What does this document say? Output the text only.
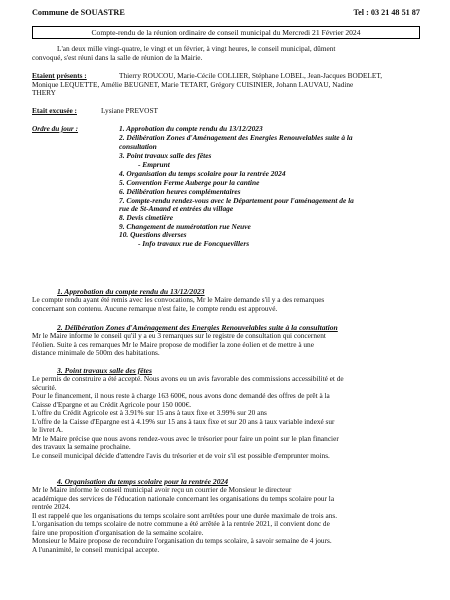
Commune de SOUASTRE	Tel : 03 21 48 51 87
Compte-rendu de la réunion ordinaire de conseil municipal du Mercredi 21 Février 2024
L'an deux mille vingt-quatre, le vingt et un février, à vingt heures, le conseil municipal, dûment
convoqué, s'est réuni dans la salle de réunion de la Mairie.
Etaient présents :	Thierry ROUCOU, Marie-Cécile COLLIER, Stéphane LOBEL, Jean-Jacques BODELET,
Monique LEQUETTE, Amélie BEUGNET, Marie TETART, Grégory CUISINIER, Johann LAUVAU, Nadine
THERY
Etait excusée :	Lysiane PREVOST
Ordre du jour :	1. Approbation du compte rendu du 13/12/2023
2. Délibération Zones d'Aménagement des Energies Renouvelables suite à la
consultation
3. Point travaux salle des fêtes
- Emprunt
4. Organisation du temps scolaire pour la rentrée 2024
5. Convention Ferme Auberge pour la cantine
6. Délibération heures complémentaires
7. Compte-rendu rendez-vous avec le Département pour l'aménagement de la
rue de St-Amand et entrées du village
8. Devis cimetière
9. Changement de numérotation rue Neuve
10. Questions diverses
- Info travaux rue de Foncquevillers
1. Approbation du compte rendu du 13/12/2023
Le compte rendu ayant été remis avec les convocations, Mr le Maire demande s'il y a des remarques
concernant son contenu. Aucune remarque n'est faite, le compte rendu est approuvé.
2. Délibération Zones d'Aménagement des Energies Renouvelables suite à la consultation
Mr le Maire informe le conseil qu'il y a eu 3 remarques sur le registre de consultation qui concernent
l'éolien. Suite à ces remarques Mr le Maire propose de modifier la zone éolien et de mettre à une
distance minimale de 500m des habitations.
3. Point travaux salle des fêtes
Le permis de construire a été accepté. Nous avons eu un avis favorable des commissions accessibilité et de
sécurité.
Pour le financement, il nous reste à charge 163 600€, nous avons donc demandé des offres de prêt à la
Caisse d'Epargne et au Crédit Agricole pour 150 000€.
L'offre du Crédit Agricole est à 3.91% sur 15 ans à taux fixe et 3.99% sur 20 ans
L'offre de la Caisse d'Epargne est à 4.19% sur 15 ans à taux fixe et sur 20 ans à taux variable indexé sur
le livret A.
Mr le Maire précise que nous avons rendez-vous avec le trésorier pour faire un point sur le plan financier
des travaux la semaine prochaine.
Le conseil municipal décide d'attendre l'avis du trésorier et de voir s'il est possible d'emprunter moins.
4. Organisation du temps scolaire pour la rentrée 2024
Mr le Maire informe le conseil municipal avoir reçu un courrier de Monsieur le directeur
académique des services de l'éducation nationale concernant les organisations du temps scolaire pour la
rentrée 2024.
Il est rappelé que les organisations du temps scolaire sont arrêtées pour une durée maximale de trois ans.
L'organisation du temps scolaire de notre commune a été arrêtée à la rentrée 2021, il convient donc de
faire une proposition d'organisation de la semaine scolaire.
Monsieur le Maire propose de reconduire l'organisation du temps scolaire, à savoir semaine de 4 jours.
A l'unanimité, le conseil municipal accepte.
